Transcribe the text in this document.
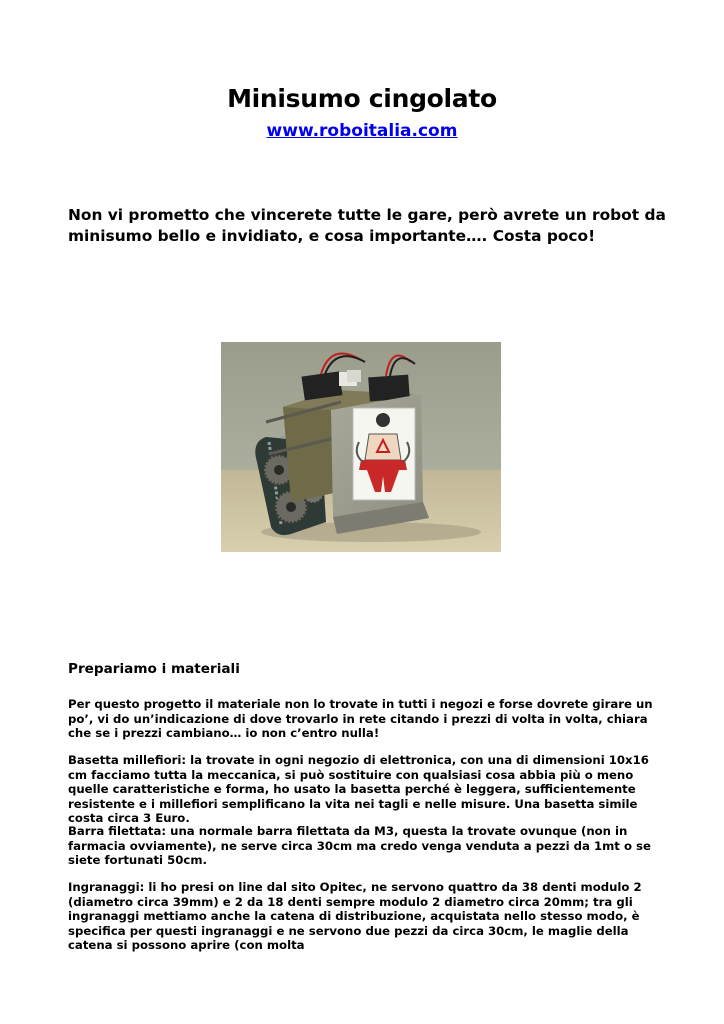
Minisumo cingolato
www.roboitalia.com
Non vi prometto che vincerete tutte le gare, però avrete un robot da minisumo bello e invidiato, e cosa importante…. Costa poco!
Prepariamo i materiali

Per questo progetto il materiale non lo trovate in tutti i negozi e forse dovrete girare un po’, vi do un’indicazione di dove trovarlo in rete citando i prezzi di volta in volta, chiara che se i prezzi cambiano… io non c’entro nulla!

Basetta millefiori: la trovate in ogni negozio di elettronica, con una di dimensioni 10x16 cm facciamo tutta la meccanica, si può sostituire con qualsiasi cosa abbia più o meno quelle caratteristiche e forma, ho usato la basetta perché è leggera, sufficientemente resistente e i millefiori semplificano la vita nei tagli e nelle misure. Una basetta simile costa circa 3 Euro.

Barra filettata: una normale barra filettata da M3, questa la trovate ovunque (non in farmacia ovviamente), ne serve circa 30cm ma credo venga venduta a pezzi da 1mt o se siete fortunati 50cm.

Ingranaggi: li ho presi on line dal sito Opitec, ne servono quattro da 38 denti modulo 2 (diametro circa 39mm) e 2 da 18 denti sempre modulo 2 diametro circa 20mm; tra gli ingranaggi mettiamo anche la catena di distribuzione, acquistata nello stesso modo, è specifica per questi ingranaggi e ne servono due pezzi da circa 30cm, le maglie della catena si possono aprire (con molta
